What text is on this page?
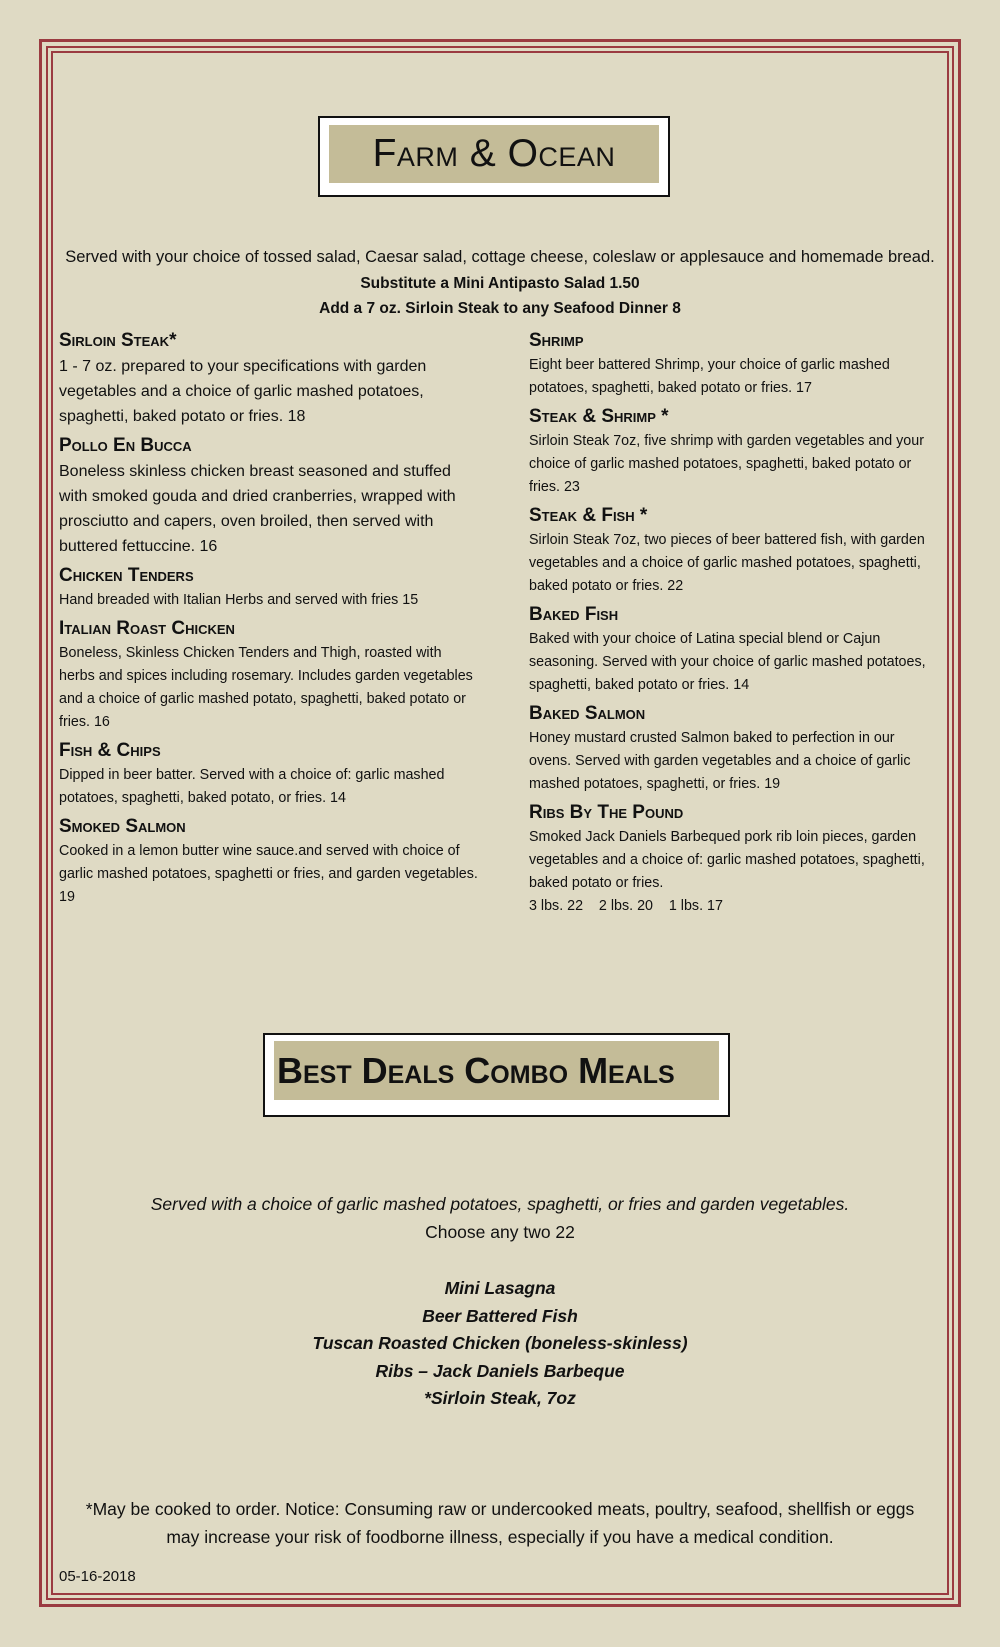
Farm & Ocean
Served with your choice of tossed salad, Caesar salad, cottage cheese, coleslaw or applesauce and homemade bread.
Substitute a Mini Antipasto Salad 1.50
Add a 7 oz. Sirloin Steak to any Seafood Dinner 8

Sirloin Steak*

1 - 7 oz. prepared to your specifications with garden vegetables and a choice of garlic mashed potatoes, spaghetti, baked potato or fries. 18

Pollo En Bucca

Boneless skinless chicken breast seasoned and stuffed with smoked gouda and dried cranberries, wrapped with prosciutto and capers, oven broiled, then served with buttered fettuccine. 16

Chicken Tenders

Hand breaded with Italian Herbs and served with fries 15

Italian Roast Chicken

Boneless, Skinless Chicken Tenders and Thigh, roasted with herbs and spices including rosemary. Includes garden vegetables and a choice of garlic mashed potato, spaghetti, baked potato or fries. 16

Fish & Chips

Dipped in beer batter. Served with a choice of: garlic mashed potatoes, spaghetti, baked potato, or fries. 14

Smoked Salmon

Cooked in a lemon butter wine sauce.and served with choice of garlic mashed potatoes, spaghetti or fries, and garden vegetables. 19

Shrimp

Eight beer battered Shrimp, your choice of garlic mashed potatoes, spaghetti, baked potato or fries. 17

Steak & Shrimp *

Sirloin Steak 7oz, five shrimp with garden vegetables and your choice of garlic mashed potatoes, spaghetti, baked potato or fries. 23

Steak & Fish *

Sirloin Steak 7oz, two pieces of beer battered fish, with garden vegetables and a choice of garlic mashed potatoes, spaghetti, baked potato or fries. 22

Baked Fish

Baked with your choice of Latina special blend or Cajun seasoning. Served with your choice of garlic mashed potatoes, spaghetti, baked potato or fries. 14

Baked Salmon

Honey mustard crusted Salmon baked to perfection in our ovens. Served with garden vegetables and a choice of garlic mashed potatoes, spaghetti, or fries. 19

Ribs By The Pound

Smoked Jack Daniels Barbequed pork rib loin pieces, garden vegetables and a choice of: garlic mashed potatoes, spaghetti, baked potato or fries.

3 lbs. 22    2 lbs. 20    1 lbs. 17

Best Deals Combo Meals
Served with a choice of garlic mashed potatoes, spaghetti, or fries and garden vegetables.
Choose any two 22
Mini Lasagna
Beer Battered Fish
Tuscan Roasted Chicken (boneless-skinless)
Ribs – Jack Daniels Barbeque
*Sirloin Steak, 7oz
*May be cooked to order. Notice: Consuming raw or undercooked meats, poultry, seafood, shellfish or eggs
may increase your risk of foodborne illness, especially if you have a medical condition.
05-16-2018
